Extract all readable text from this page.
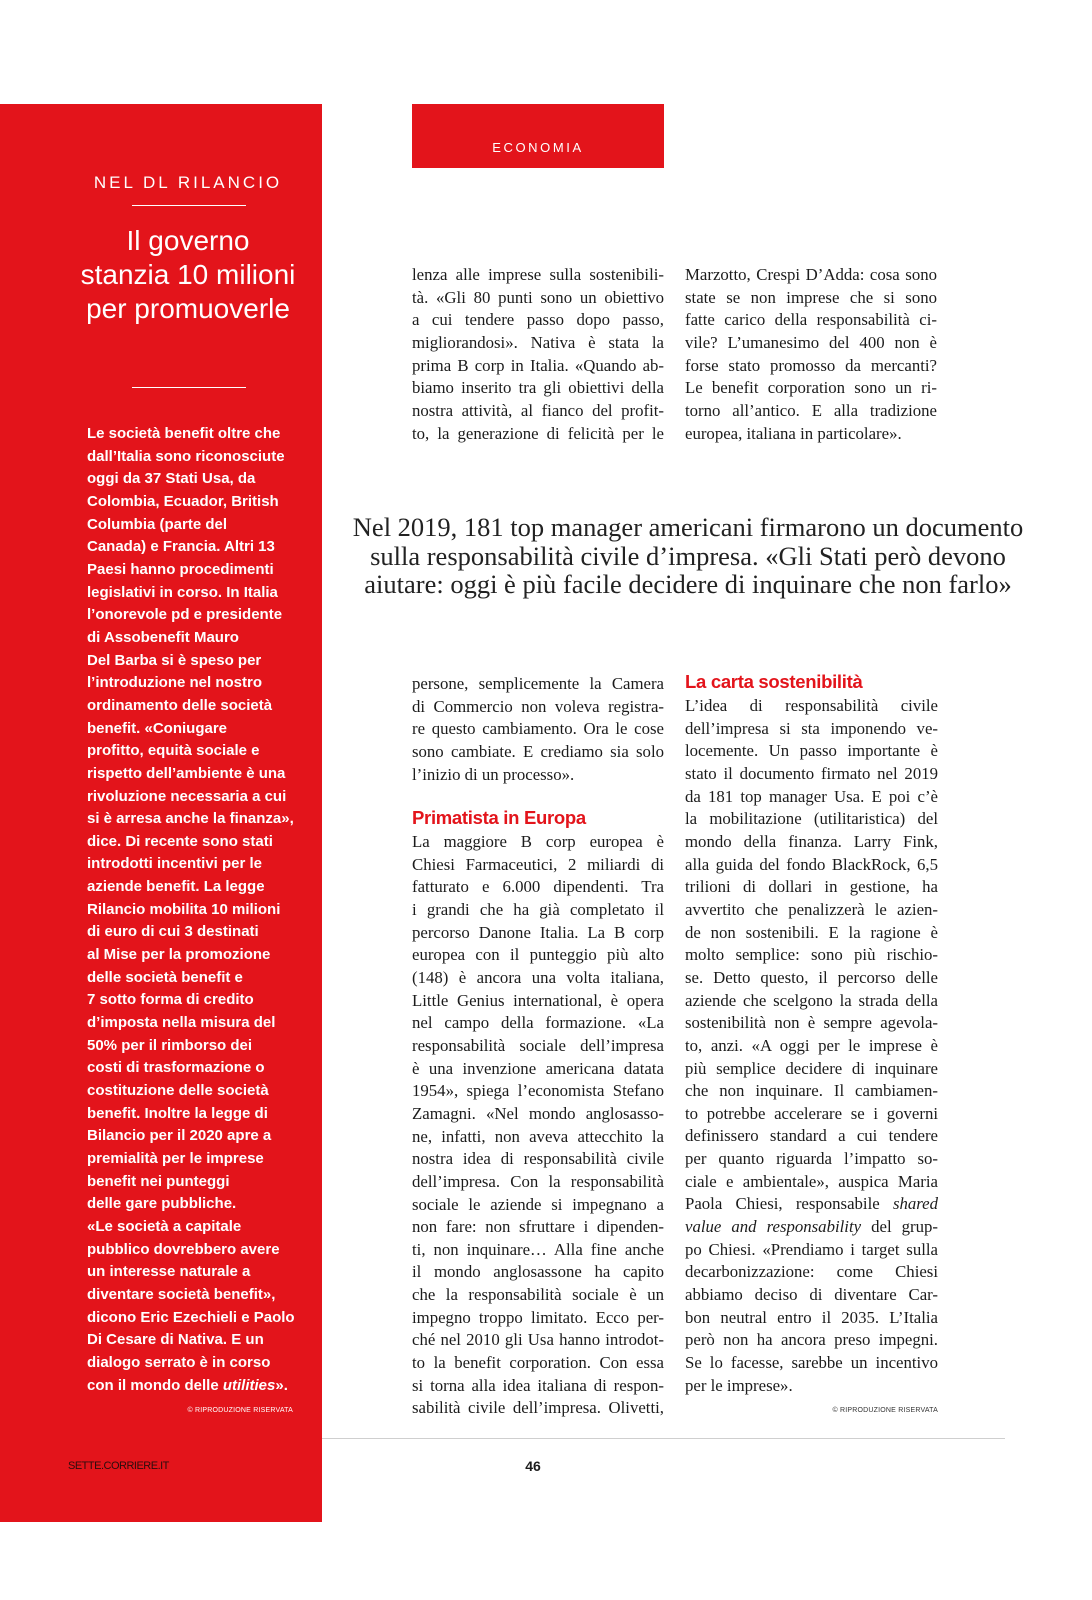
NEL DL RILANCIO
Il governo
stanzia 10 milioni
per promuoverle
Le società benefit oltre che
dall’Italia sono riconosciute
oggi da 37 Stati Usa, da
Colombia, Ecuador, British
Columbia (parte del
Canada) e Francia. Altri 13
Paesi hanno procedimenti
legislativi in corso. In Italia
l’onorevole pd e presidente
di Assobenefit Mauro
Del Barba si è speso per
l’introduzione nel nostro
ordinamento delle società
benefit. «Coniugare
profitto, equità sociale e
rispetto dell’ambiente è una
rivoluzione necessaria a cui
si è arresa anche la finanza»,
dice. Di recente sono stati
introdotti incentivi per le
aziende benefit. La legge
Rilancio mobilita 10 milioni
di euro di cui 3 destinati
al Mise per la promozione
delle società benefit e
7 sotto forma di credito
d’imposta nella misura del
50% per il rimborso dei
costi di trasformazione o
costituzione delle società
benefit. Inoltre la legge di
Bilancio per il 2020 apre a
premialità per le imprese
benefit nei punteggi
delle gare pubbliche.
«Le società a capitale
pubblico dovrebbero avere
un interesse naturale a
diventare società benefit»,
dicono Eric Ezechieli e Paolo
Di Cesare di Nativa. E un
dialogo serrato è in corso
con il mondo delle utilities».
© RIPRODUZIONE RISERVATA
ECONOMIA
lenza alle imprese sulla sostenibili-
tà. «Gli 80 punti sono un obiettivo
a cui tendere passo dopo passo,
migliorandosi». Nativa è stata la
prima B corp in Italia. «Quando ab-
biamo inserito tra gli obiettivi della
nostra attività, al fianco del profit-
to, la generazione di felicità per le
Marzotto, Crespi D’Adda: cosa sono
state se non imprese che si sono
fatte carico della responsabilità ci-
vile? L’umanesimo del 400 non è
forse stato promosso da mercanti?
Le benefit corporation sono un ri-
torno all’antico. E alla tradizione
europea, italiana in particolare».
Nel 2019, 181 top manager americani firmarono un documento
sulla responsabilità civile d’impresa. «Gli Stati però devono
aiutare: oggi è più facile decidere di inquinare che non farlo»
persone, semplicemente la Camera
di Commercio non voleva registra-
re questo cambiamento. Ora le cose
sono cambiate. E crediamo sia solo
l’inizio di un processo».
Primatista in Europa
La maggiore B corp europea è
Chiesi Farmaceutici, 2 miliardi di
fatturato e 6.000 dipendenti. Tra
i grandi che ha già completato il
percorso Danone Italia. La B corp
europea con il punteggio più alto
(148) è ancora una volta italiana,
Little Genius international, è opera
nel campo della formazione. «La
responsabilità sociale dell’impresa
è una invenzione americana datata
1954», spiega l’economista Stefano
Zamagni. «Nel mondo anglosasso-
ne, infatti, non aveva attecchito la
nostra idea di responsabilità civile
dell’impresa. Con la responsabilità
sociale le aziende si impegnano a
non fare: non sfruttare i dipenden-
ti, non inquinare… Alla fine anche
il mondo anglosassone ha capito
che la responsabilità sociale è un
impegno troppo limitato. Ecco per-
ché nel 2010 gli Usa hanno introdot-
to la benefit corporation. Con essa
si torna alla idea italiana di respon-
sabilità civile dell’impresa. Olivetti,
La carta sostenibilità
L’idea di responsabilità civile
dell’impresa si sta imponendo ve-
locemente. Un passo importante è
stato il documento firmato nel 2019
da 181 top manager Usa. E poi c’è
la mobilitazione (utilitaristica) del
mondo della finanza. Larry Fink,
alla guida del fondo BlackRock, 6,5
trilioni di dollari in gestione, ha
avvertito che penalizzerà le azien-
de non sostenibili. E la ragione è
molto semplice: sono più rischio-
se. Detto questo, il percorso delle
aziende che scelgono la strada della
sostenibilità non è sempre agevola-
to, anzi. «A oggi per le imprese è
più semplice decidere di inquinare
che non inquinare. Il cambiamen-
to potrebbe accelerare se i governi
definissero standard a cui tendere
per quanto riguarda l’impatto so-
ciale e ambientale», auspica Maria
Paola Chiesi, responsabile shared
value and responsability del grup-
po Chiesi. «Prendiamo i target sulla
decarbonizzazione: come Chiesi
abbiamo deciso di diventare Car-
bon neutral entro il 2035. L’Italia
però non ha ancora preso impegni.
Se lo facesse, sarebbe un incentivo
per le imprese».
© RIPRODUZIONE RISERVATA
SETTE.CORRIERE.IT	46
